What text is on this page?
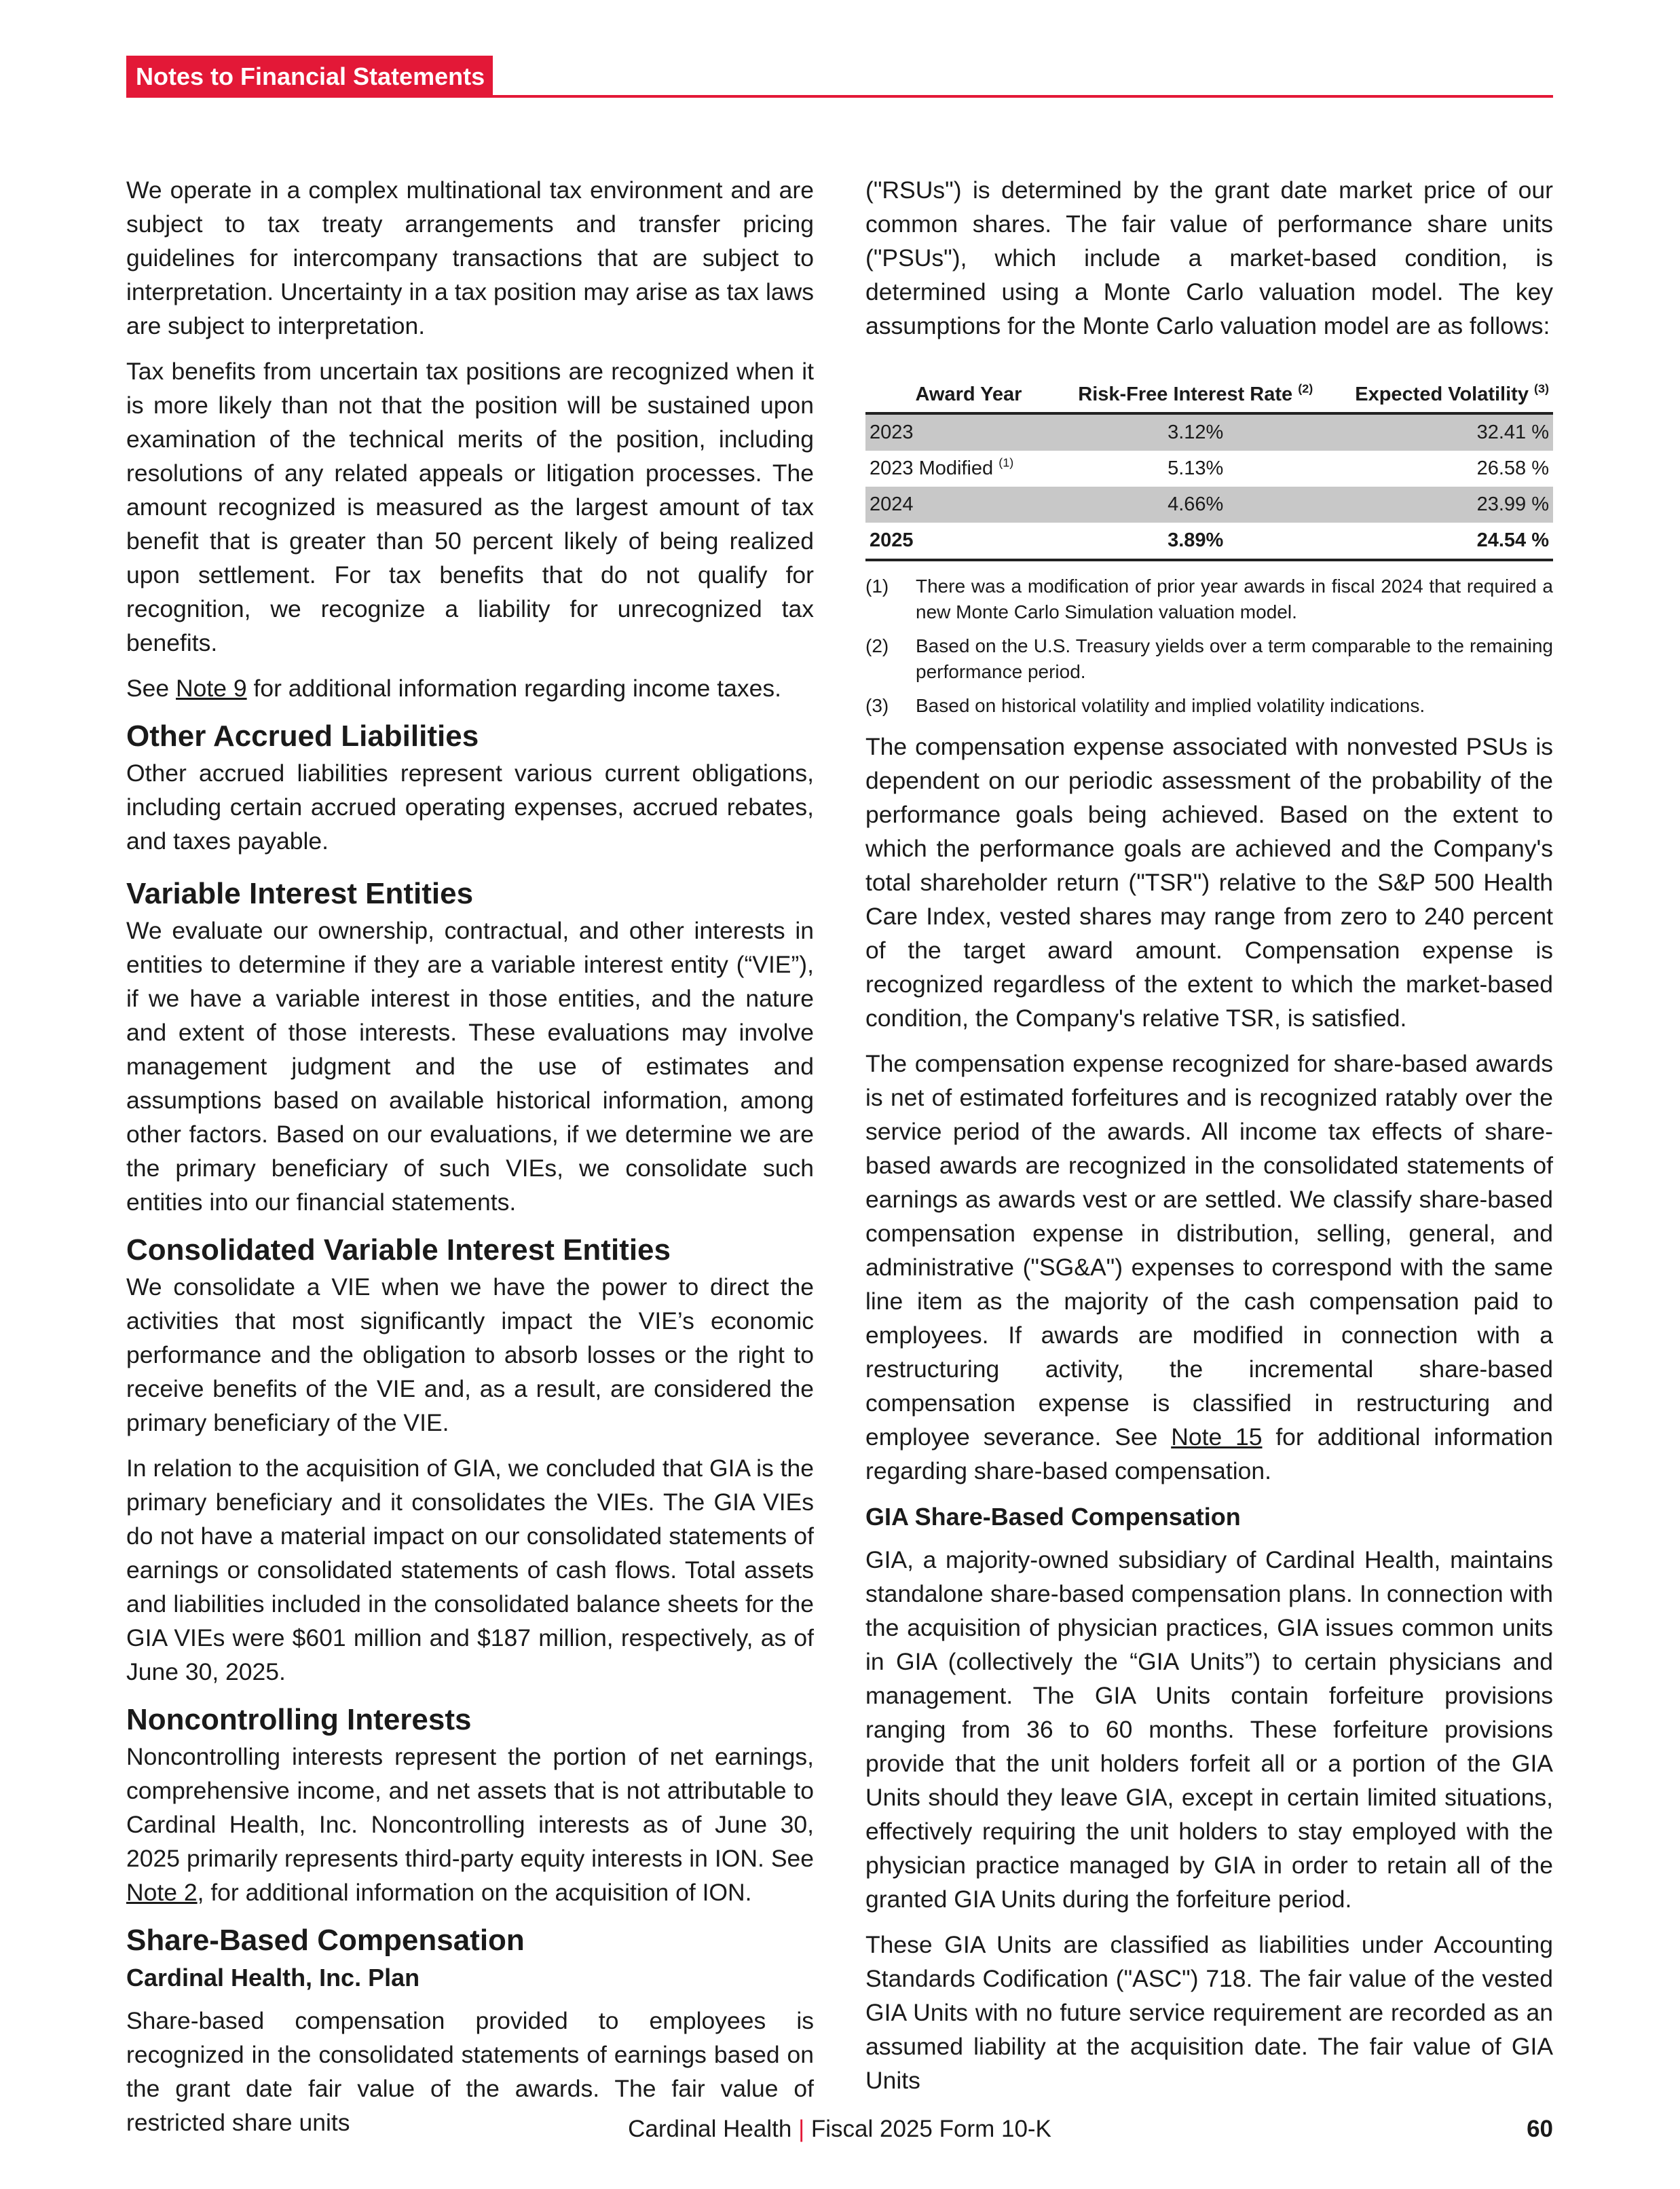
Notes to Financial Statements

We operate in a complex multinational tax environment and are subject to tax treaty arrangements and transfer pricing guidelines for intercompany transactions that are subject to interpretation. Uncertainty in a tax position may arise as tax laws are subject to interpretation.

Tax benefits from uncertain tax positions are recognized when it is more likely than not that the position will be sustained upon examination of the technical merits of the position, including resolutions of any related appeals or litigation processes. The amount recognized is measured as the largest amount of tax benefit that is greater than 50 percent likely of being realized upon settlement. For tax benefits that do not qualify for recognition, we recognize a liability for unrecognized tax benefits.

See Note 9 for additional information regarding income taxes.

Other Accrued Liabilities

Other accrued liabilities represent various current obligations, including certain accrued operating expenses, accrued rebates, and taxes payable.

Variable Interest Entities

We evaluate our ownership, contractual, and other interests in entities to determine if they are a variable interest entity (“VIE”), if we have a variable interest in those entities, and the nature and extent of those interests. These evaluations may involve management judgment and the use of estimates and assumptions based on available historical information, among other factors. Based on our evaluations, if we determine we are the primary beneficiary of such VIEs, we consolidate such entities into our financial statements.

Consolidated Variable Interest Entities

We consolidate a VIE when we have the power to direct the activities that most significantly impact the VIE’s economic performance and the obligation to absorb losses or the right to receive benefits of the VIE and, as a result, are considered the primary beneficiary of the VIE.

In relation to the acquisition of GIA, we concluded that GIA is the primary beneficiary and it consolidates the VIEs. The GIA VIEs do not have a material impact on our consolidated statements of earnings or consolidated statements of cash flows. Total assets and liabilities included in the consolidated balance sheets for the GIA VIEs were $601 million and $187 million, respectively, as of June 30, 2025.

Noncontrolling Interests

Noncontrolling interests represent the portion of net earnings, comprehensive income, and net assets that is not attributable to Cardinal Health, Inc. Noncontrolling interests as of June 30, 2025 primarily represents third-party equity interests in ION. See Note 2, for additional information on the acquisition of ION.

Share-Based Compensation
Cardinal Health, Inc. Plan

Share-based compensation provided to employees is recognized in the consolidated statements of earnings based on the grant date fair value of the awards. The fair value of restricted share units

("RSUs") is determined by the grant date market price of our common shares. The fair value of performance share units ("PSUs"), which include a market-based condition, is determined using a Monte Carlo valuation model. The key assumptions for the Monte Carlo valuation model are as follows:

Award Year	Risk-Free Interest Rate $^{(2)}$	Expected Volatility $^{(3)}$
2023	3.12%	32.41 %
2023 Modified $^{(1)}$	5.13%	26.58 %
2024	4.66%	23.99 %
2025	3.89%	24.54 %
(1)	There was a modification of prior year awards in fiscal 2024 that required a new Monte Carlo Simulation valuation model.
(2)	Based on the U.S. Treasury yields over a term comparable to the remaining performance period.
(3)	Based on historical volatility and implied volatility indications.

The compensation expense associated with nonvested PSUs is dependent on our periodic assessment of the probability of the performance goals being achieved. Based on the extent to which the performance goals are achieved and the Company's total shareholder return ("TSR") relative to the S&P 500 Health Care Index, vested shares may range from zero to 240 percent of the target award amount. Compensation expense is recognized regardless of the extent to which the market-based condition, the Company's relative TSR, is satisfied.

The compensation expense recognized for share-based awards is net of estimated forfeitures and is recognized ratably over the service period of the awards. All income tax effects of share-based awards are recognized in the consolidated statements of earnings as awards vest or are settled. We classify share-based compensation expense in distribution, selling, general, and administrative ("SG&A") expenses to correspond with the same line item as the majority of the cash compensation paid to employees. If awards are modified in connection with a restructuring activity, the incremental share-based compensation expense is classified in restructuring and employee severance. See Note 15 for additional information regarding share-based compensation.

GIA Share-Based Compensation

GIA, a majority-owned subsidiary of Cardinal Health, maintains standalone share-based compensation plans. In connection with the acquisition of physician practices, GIA issues common units in GIA (collectively the “GIA Units”) to certain physicians and management. The GIA Units contain forfeiture provisions ranging from 36 to 60 months. These forfeiture provisions provide that the unit holders forfeit all or a portion of the GIA Units should they leave GIA, except in certain limited situations, effectively requiring the unit holders to stay employed with the physician practice managed by GIA in order to retain all of the granted GIA Units during the forfeiture period.

These GIA Units are classified as liabilities under Accounting Standards Codification ("ASC") 718. The fair value of the vested GIA Units with no future service requirement are recorded as an assumed liability at the acquisition date. The fair value of GIA Units

Cardinal Health | Fiscal 2025 Form 10-K	60
